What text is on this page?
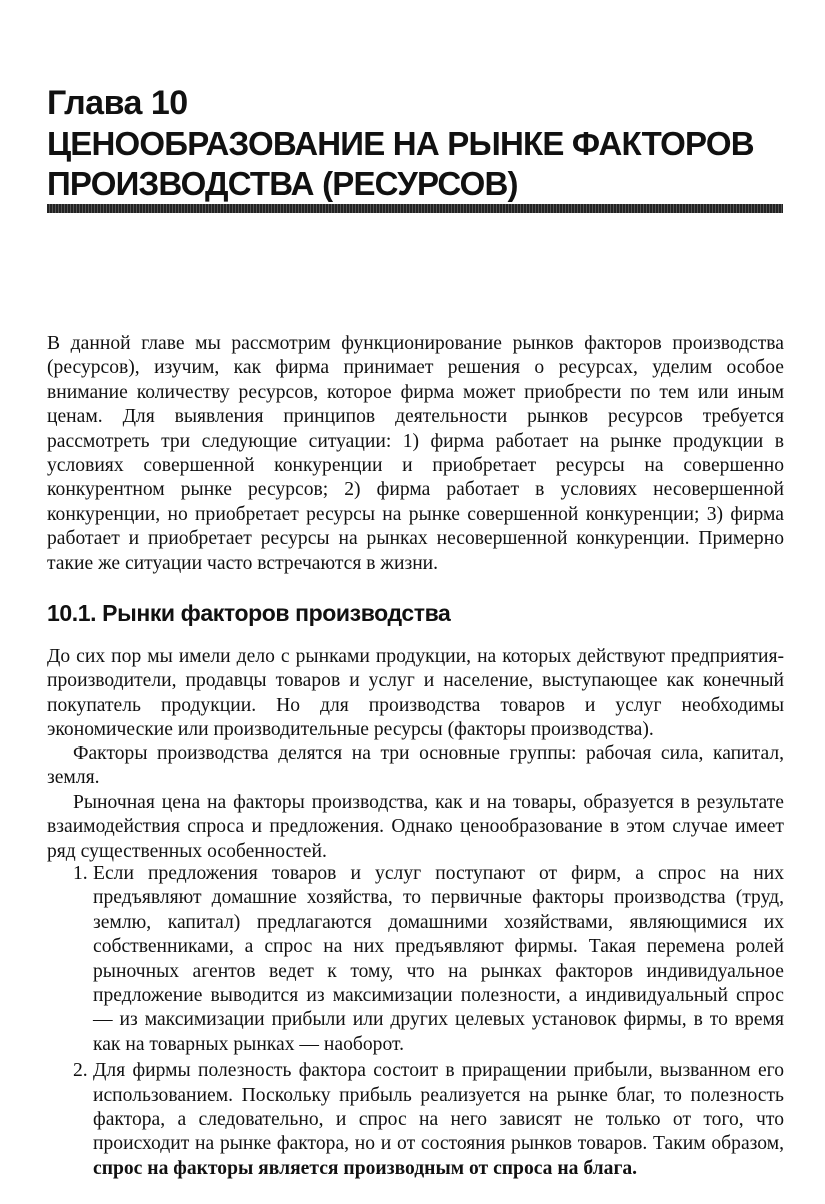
Глава 10
ЦЕНООБРАЗОВАНИЕ НА РЫНКЕ ФАКТОРОВ ПРОИЗВОДСТВА (РЕСУРСОВ)

В данной главе мы рассмотрим функционирование рынков факторов производства (ресурсов), изучим, как фирма принимает решения о ресурсах, уделим особое внимание количеству ресурсов, которое фирма может приобрести по тем или иным ценам. Для выявления принципов деятельности рынков ресурсов требуется рассмотреть три следующие ситуации: 1) фирма работает на рынке продукции в условиях совершенной конкуренции и приобретает ресурсы на совершенно конкурентном рынке ресурсов; 2) фирма работает в условиях несовершенной конкуренции, но приобретает ресурсы на рынке совершенной конкуренции; 3) фирма работает и приобретает ресурсы на рынках несовершенной конкуренции. Примерно такие же ситуации часто встречаются в жизни.

10.1. Рынки факторов производства

До сих пор мы имели дело с рынками продукции, на которых действуют предприятия-производители, продавцы товаров и услуг и население, выступающее как конечный покупатель продукции. Но для производства товаров и услуг необходимы экономические или производительные ресурсы (факторы производства).

Факторы производства делятся на три основные группы: рабочая сила, капитал, земля.

Рыночная цена на факторы производства, как и на товары, образуется в результате взаимодействия спроса и предложения. Однако ценообразование в этом случае имеет ряд существенных особенностей.

1. Если предложения товаров и услуг поступают от фирм, а спрос на них предъявляют домашние хозяйства, то первичные факторы производства (труд, землю, капитал) предлагаются домашними хозяйствами, являющимися их собственниками, а спрос на них предъявляют фирмы. Такая перемена ролей рыночных агентов ведет к тому, что на рынках факторов индивидуальное предложение выводится из максимизации полезности, а индивидуальный спрос — из максимизации прибыли или других целевых установок фирмы, в то время как на товарных рынках — наоборот.
2. Для фирмы полезность фактора состоит в приращении прибыли, вызванном его использованием. Поскольку прибыль реализуется на рынке благ, то полезность фактора, а следовательно, и спрос на него зависят не только от того, что происходит на рынке фактора, но и от состояния рынков товаров. Таким образом, спрос на факторы является производным от спроса на блага.
